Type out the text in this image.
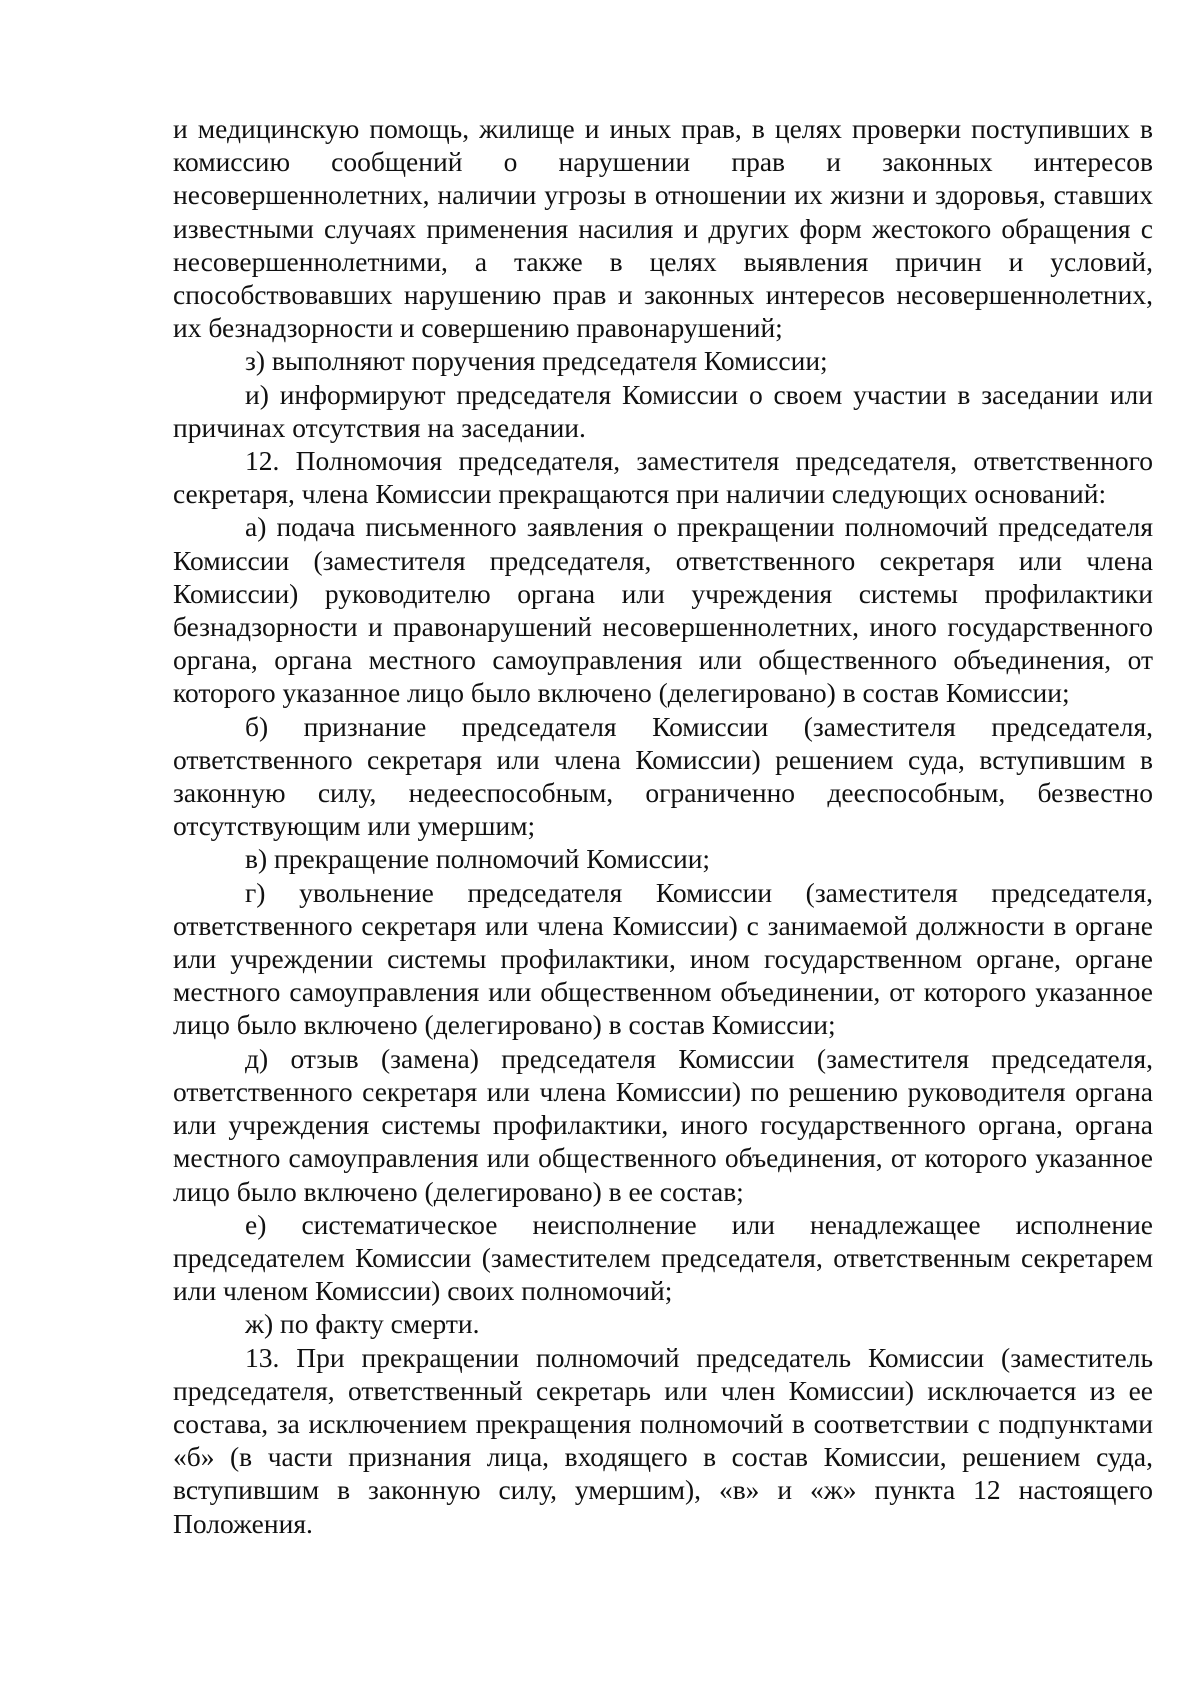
и медицинскую помощь, жилище и иных прав, в целях проверки поступивших в комиссию сообщений о нарушении прав и законных интересов несовершеннолетних, наличии угрозы в отношении их жизни и здоровья, ставших известными случаях применения насилия и других форм жестокого обращения с несовершеннолетними, а также в целях выявления причин и условий, способствовавших нарушению прав и законных интересов несовершеннолетних, их безнадзорности и совершению правонарушений;

з) выполняют поручения председателя Комиссии;

и) информируют председателя Комиссии о своем участии в заседании или причинах отсутствия на заседании.

12. Полномочия председателя, заместителя председателя, ответственного секретаря, члена Комиссии прекращаются при наличии следующих оснований:

а) подача письменного заявления о прекращении полномочий председателя Комиссии (заместителя председателя, ответственного секретаря или члена Комиссии) руководителю органа или учреждения системы профилактики безнадзорности и правонарушений несовершеннолетних, иного государственного органа, органа местного самоуправления или общественного объединения, от которого указанное лицо было включено (делегировано) в состав Комиссии;

б) признание председателя Комиссии (заместителя председателя, ответственного секретаря или члена Комиссии) решением суда, вступившим в законную силу, недееспособным, ограниченно дееспособным, безвестно отсутствующим или умершим;

в) прекращение полномочий Комиссии;

г) увольнение председателя Комиссии (заместителя председателя, ответственного секретаря или члена Комиссии) с занимаемой должности в органе или учреждении системы профилактики, ином государственном органе, органе местного самоуправления или общественном объединении, от которого указанное лицо было включено (делегировано) в состав Комиссии;

д) отзыв (замена) председателя Комиссии (заместителя председателя, ответственного секретаря или члена Комиссии) по решению руководителя органа или учреждения системы профилактики, иного государственного органа, органа местного самоуправления или общественного объединения, от которого указанное лицо было включено (делегировано) в ее состав;

е) систематическое неисполнение или ненадлежащее исполнение председателем Комиссии (заместителем председателя, ответственным секретарем или членом Комиссии) своих полномочий;

ж) по факту смерти.

13. При прекращении полномочий председатель Комиссии (заместитель председателя, ответственный секретарь или член Комиссии) исключается из ее состава, за исключением прекращения полномочий в соответствии с подпунктами «б» (в части признания лица, входящего в состав Комиссии, решением суда, вступившим в законную силу, умершим), «в» и «ж» пункта 12 настоящего Положения.
